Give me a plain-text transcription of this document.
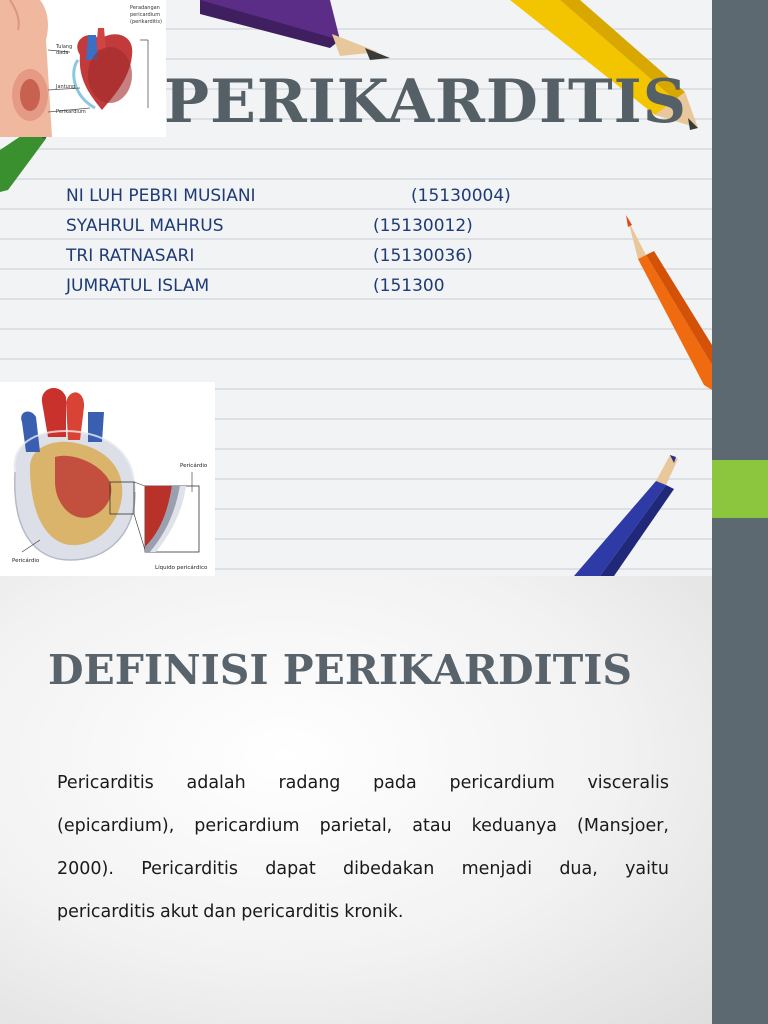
Peradangan
pericardium
(perikarditis)
Tulang
dada
Jantung
Perikardium PERIKARDITIS
NI LUH PEBRI MUSIANI	(15130004)
SYAHRUL MAHRUS	(15130012)
TRI RATNASARI	(15130036)
JUMRATUL ISLAM	(151300
Pericárdio
Pericárdio
Líquido pericárdico
DEFINISI PERIKARDITIS
Pericarditis adalah radang pada pericardium visceralis
(epicardium), pericardium parietal, atau keduanya (Mansjoer,
2000). Pericarditis dapat dibedakan menjadi dua, yaitu
pericarditis akut dan pericarditis kronik.
